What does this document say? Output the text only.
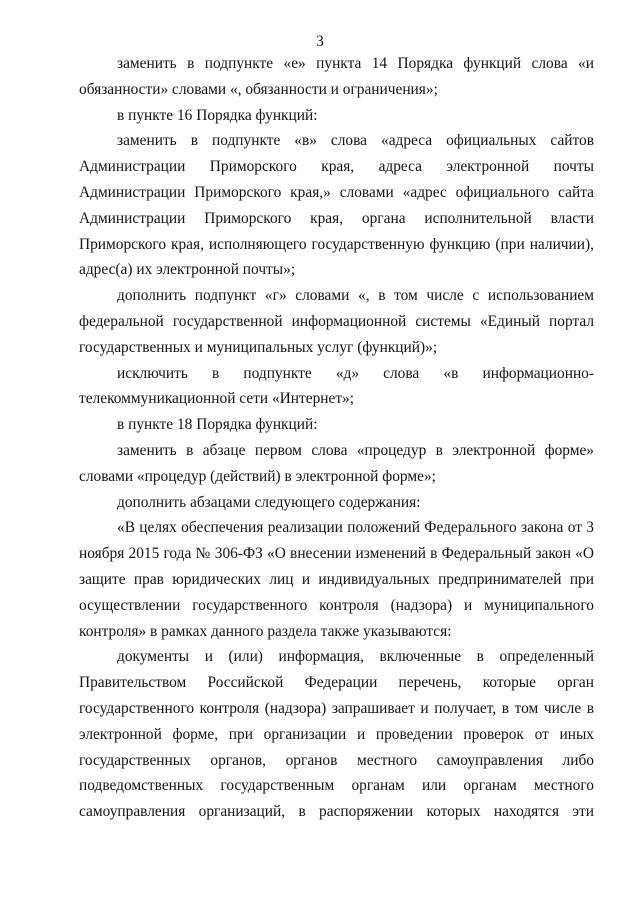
3

заменить в подпункте «е» пункта 14 Порядка функций слова «и обязанности» словами «, обязанности и ограничения»;

в пункте 16 Порядка функций:

заменить в подпункте «в» слова «адреса официальных сайтов Администрации Приморского края, адреса электронной почты Администрации Приморского края,» словами «адрес официального сайта Администрации Приморского края, органа исполнительной власти Приморского края, исполняющего государственную функцию (при наличии), адрес(а) их электронной почты»;

дополнить подпункт «г» словами «, в том числе с использованием федеральной государственной информационной системы «Единый портал государственных и муниципальных услуг (функций)»;

исключить в подпункте «д» слова «в информационно-телекоммуникационной сети «Интернет»;

в пункте 18 Порядка функций:

заменить в абзаце первом слова «процедур в электронной форме» словами «процедур (действий) в электронной форме»;

дополнить абзацами следующего содержания:

«В целях обеспечения реализации положений Федерального закона от 3 ноября 2015 года № 306-ФЗ «О внесении изменений в Федеральный закон «О защите прав юридических лиц и индивидуальных предпринимателей при осуществлении государственного контроля (надзора) и муниципального контроля» в рамках данного раздела также указываются:

документы и (или) информация, включенные в определенный Правительством Российской Федерации перечень, которые орган государственного контроля (надзора) запрашивает и получает, в том числе в электронной форме, при организации и проведении проверок от иных государственных органов, органов местного самоуправления либо подведомственных государственным органам или органам местного самоуправления организаций, в распоряжении которых находятся эти
